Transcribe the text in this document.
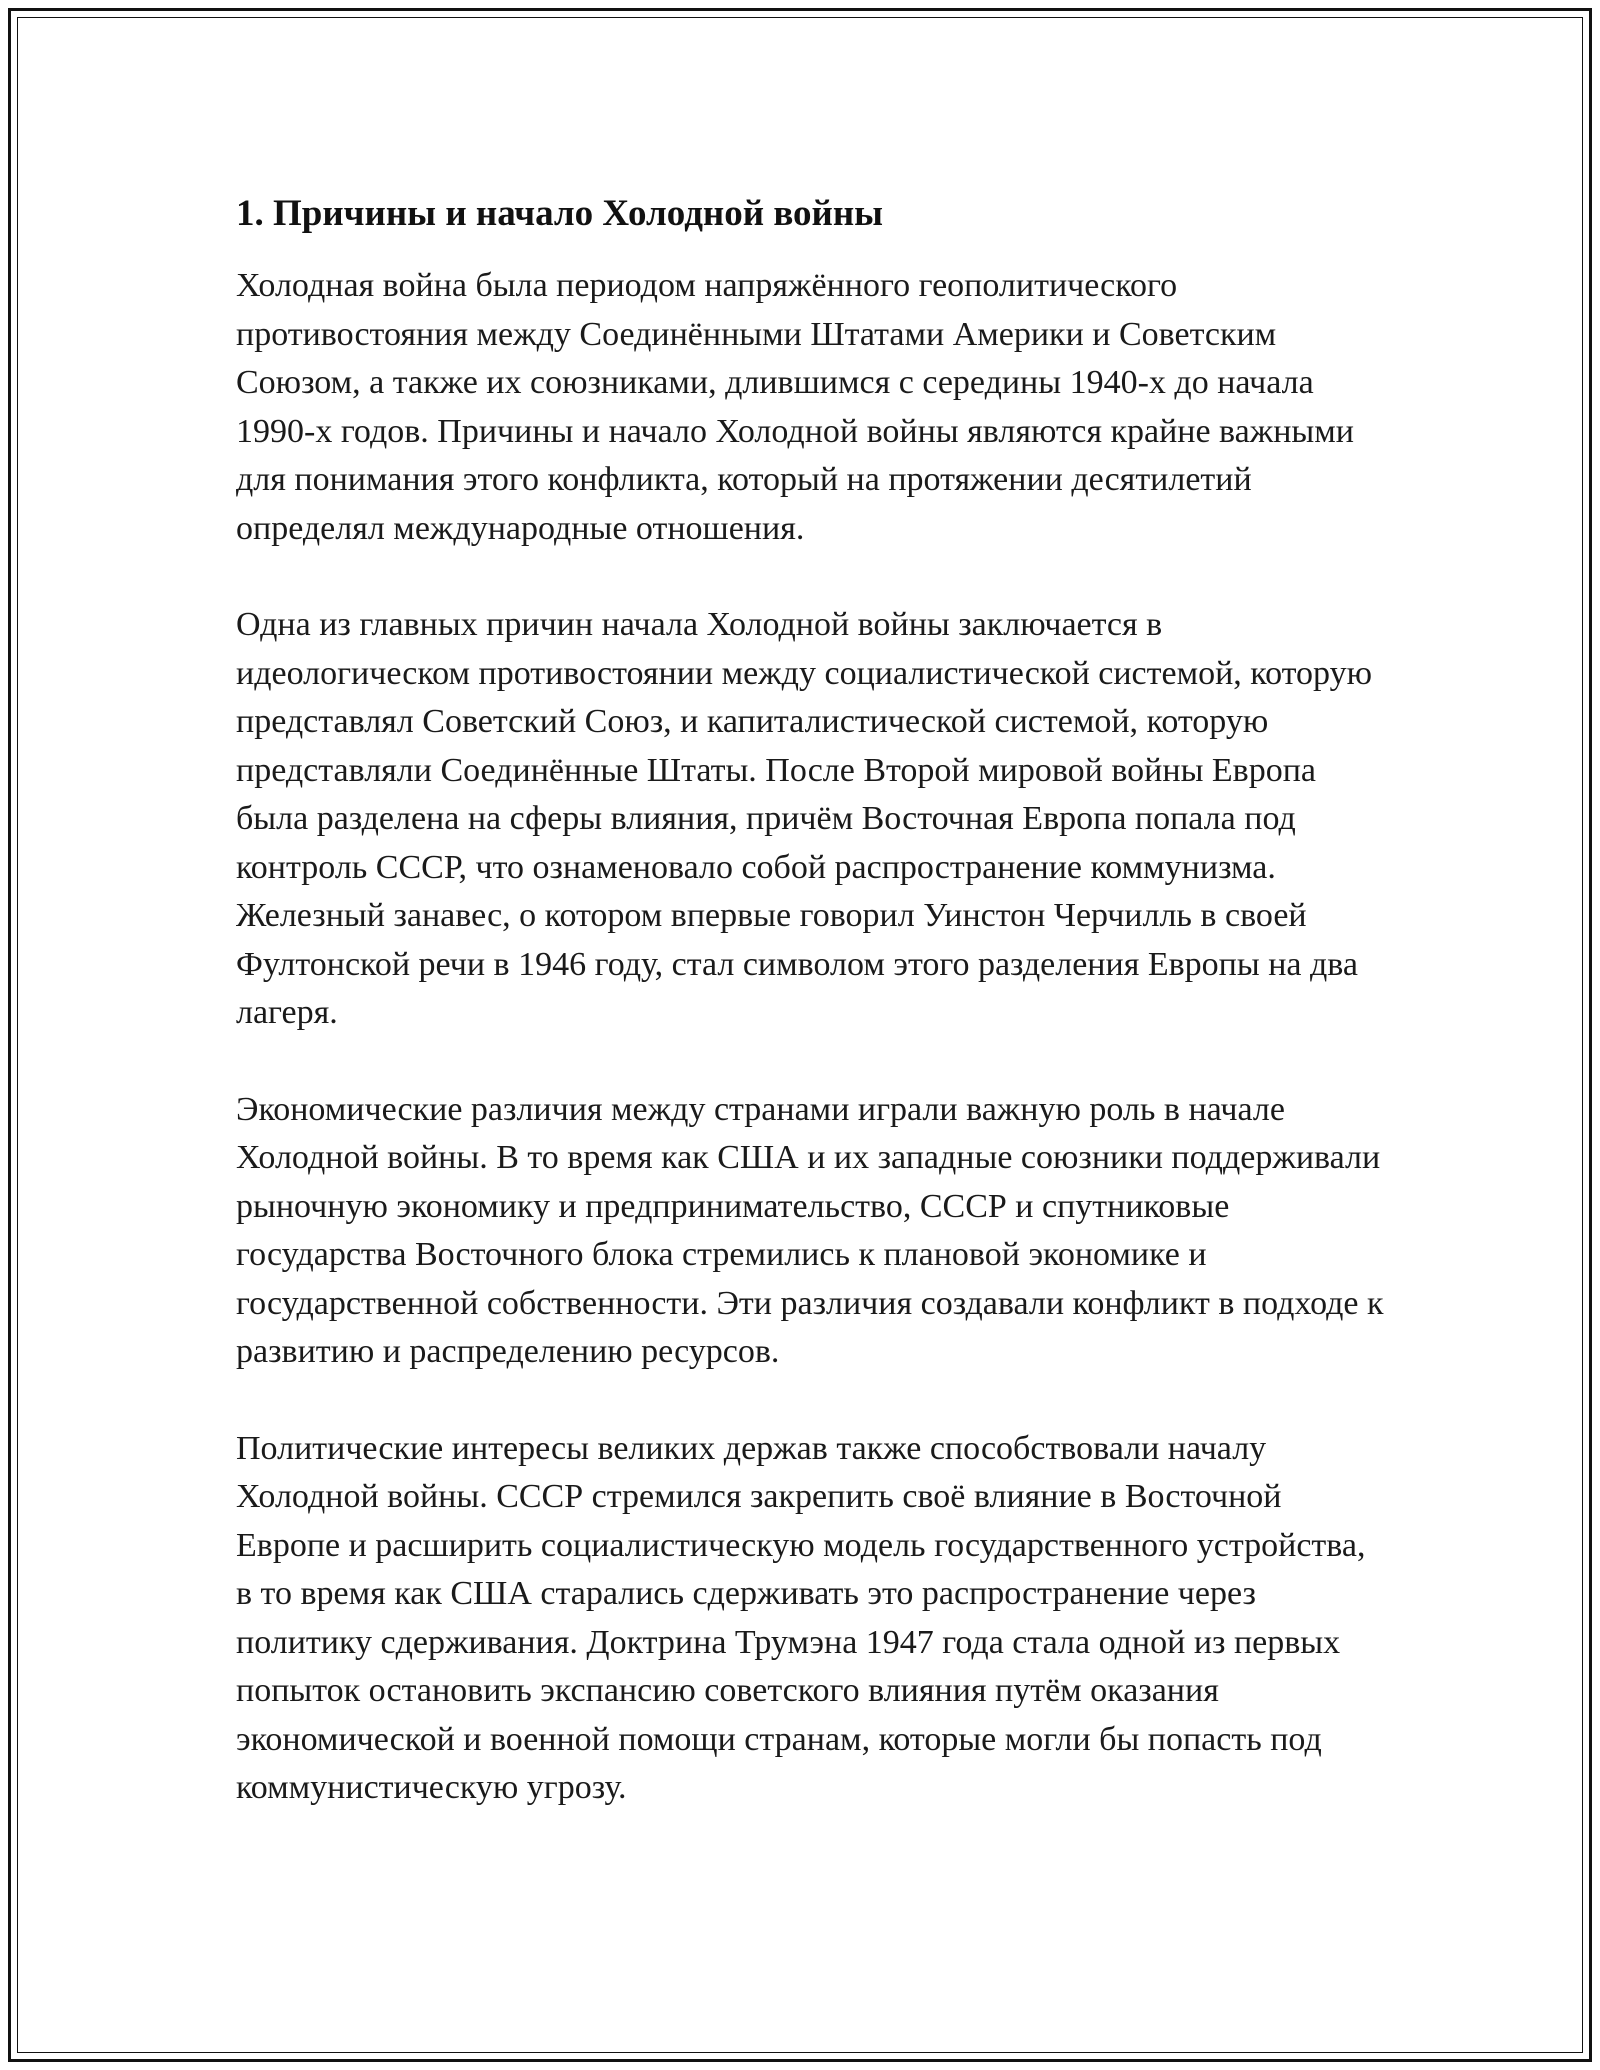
1. Причины и начало Холодной войны

Холодная война была периодом напряжённого геополитического противостояния между Соединёнными Штатами Америки и Советским Союзом, а также их союзниками, длившимся с середины 1940-х до начала 1990-х годов. Причины и начало Холодной войны являются крайне важными для понимания этого конфликта, который на протяжении десятилетий определял международные отношения.

Одна из главных причин начала Холодной войны заключается в идеологическом противостоянии между социалистической системой, которую представлял Советский Союз, и капиталистической системой, которую представляли Соединённые Штаты. После Второй мировой войны Европа была разделена на сферы влияния, причём Восточная Европа попала под контроль СССР, что ознаменовало собой распространение коммунизма. Железный занавес, о котором впервые говорил Уинстон Черчилль в своей Фултонской речи в 1946 году, стал символом этого разделения Европы на два лагеря.

Экономические различия между странами играли важную роль в начале Холодной войны. В то время как США и их западные союзники поддерживали рыночную экономику и предпринимательство, СССР и спутниковые государства Восточного блока стремились к плановой экономике и государственной собственности. Эти различия создавали конфликт в подходе к развитию и распределению ресурсов.

Политические интересы великих держав также способствовали началу Холодной войны. СССР стремился закрепить своё влияние в Восточной Европе и расширить социалистическую модель государственного устройства, в то время как США старались сдерживать это распространение через политику сдерживания. Доктрина Трумэна 1947 года стала одной из первых попыток остановить экспансию советского влияния путём оказания экономической и военной помощи странам, которые могли бы попасть под коммунистическую угрозу.
